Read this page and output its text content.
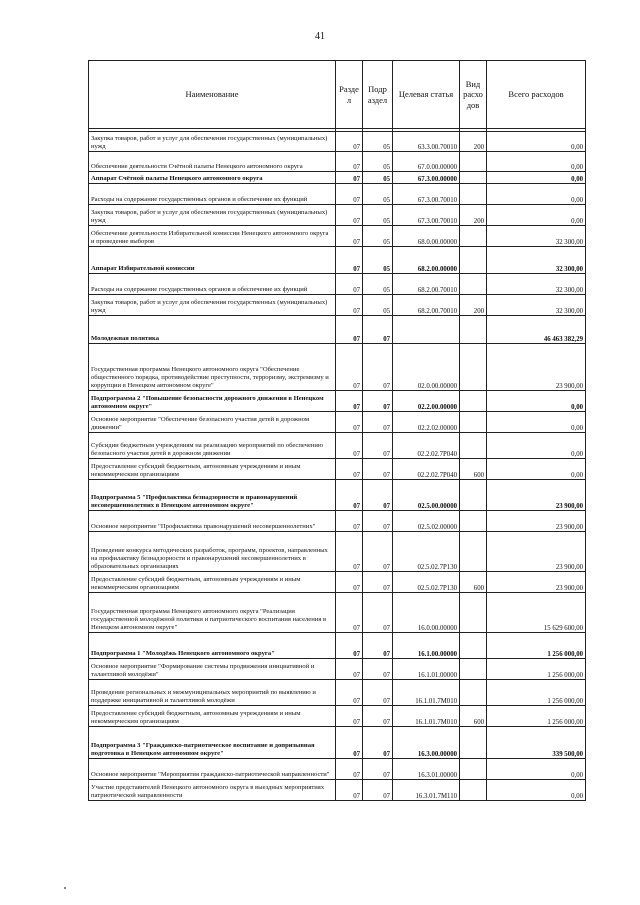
41
Наименование	Разде л	Подр аздел	Целевая статья	Вид расхо дов	Всего расходов

Закупка товаров, работ и услуг для обеспечения государственных (муниципальных) нужд	07	05	63.3.00.70010	200	0,00
Обеспечение деятельности Счётной палаты Ненецкого автономного округа	07	05	67.0.00.00000		0,00
Аппарат Счётной палаты Ненецкого автономного округа	07	05	67.3.00.00000		0,00
Расходы на содержание государственных органов и обеспечение их функций	07	05	67.3.00.70010		0,00
Закупка товаров, работ и услуг для обеспечения государственных (муниципальных) нужд	07	05	67.3.00.70010	200	0,00
Обеспечение деятельности Избирательной комиссии Ненецкого автономного округа и проведение выборов	07	05	68.0.00.00000		32 300,00
Аппарат Избирательной комиссии	07	05	68.2.00.00000		32 300,00
Расходы на содержание государственных органов и обеспечение их функций	07	05	68.2.00.70010		32 300,00
Закупка товаров, работ и услуг для обеспечения государственных (муниципальных) нужд	07	05	68.2.00.70010	200	32 300,00
Молодежная политика	07	07			46 463 382,29
Государственная программа Ненецкого автономного округа "Обеспечение общественного порядка, противодействие преступности, терроризму, экстремизму и коррупции в Ненецком автономном округе"	07	07	02.0.00.00000		23 900,00
Подпрограмма 2 "Повышение безопасности дорожного движения в Ненецком автономном округе"	07	07	02.2.00.00000		0,00
Основное мероприятие "Обеспечение безопасного участия детей в дорожном движении"	07	07	02.2.02.00000		0,00
Субсидии бюджетным учреждениям на реализацию мероприятий по обеспечению безопасного участия детей в дорожном движении	07	07	02.2.02.7Р040		0,00
Предоставление субсидий бюджетным, автономным учреждениям и иным некоммерческим организациям	07	07	02.2.02.7Р040	600	0,00
Подпрограмма 5 "Профилактика безнадзорности и правонарушений несовершеннолетних в Ненецком автономном округе"	07	07	02.5.00.00000		23 900,00
Основное мероприятие "Профилактика правонарушений несовершеннолетних"	07	07	02.5.02.00000		23 900,00
Проведение конкурса методических разработок, программ, проектов, направленных на профилактику безнадзорности и правонарушений несовершеннолетних в образовательных организациях	07	07	02.5.02.7Р130		23 900,00
Предоставление субсидий бюджетным, автономным учреждениям и иным некоммерческим организациям	07	07	02.5.02.7Р130	600	23 900,00
Государственная программа Ненецкого автономного округа "Реализация государственной молодёжной политики и патриотического воспитания населения в Ненецком автономном округе"	07	07	16.0.00.00000		15 629 600,00
Подпрограмма 1 "Молодёжь Ненецкого автономного округа"	07	07	16.1.00.00000		1 256 000,00
Основное мероприятие "Формирование системы продвижения инициативной и талантливой молодёжи"	07	07	16.1.01.00000		1 256 000,00
Проведение региональных и межмуниципальных мероприятий по выявлению и поддержке инициативной и талантливой молодёжи	07	07	16.1.01.7М010		1 256 000,00
Предоставление субсидий бюджетным, автономным учреждениям и иным некоммерческим организациям	07	07	16.1.01.7М010	600	1 256 000,00
Подпрограмма 3 "Гражданско-патриотическое воспитание и допризывная подготовка в Ненецком автономном округе"	07	07	16.3.00.00000		339 500,00
Основное мероприятие "Мероприятия гражданско-патриотической направленности"	07	07	16.3.01.00000		0,00
Участие представителей Ненецкого автономного округа в выездных мероприятиях патриотической направленности	07	07	16.3.01.7М110		0,00
